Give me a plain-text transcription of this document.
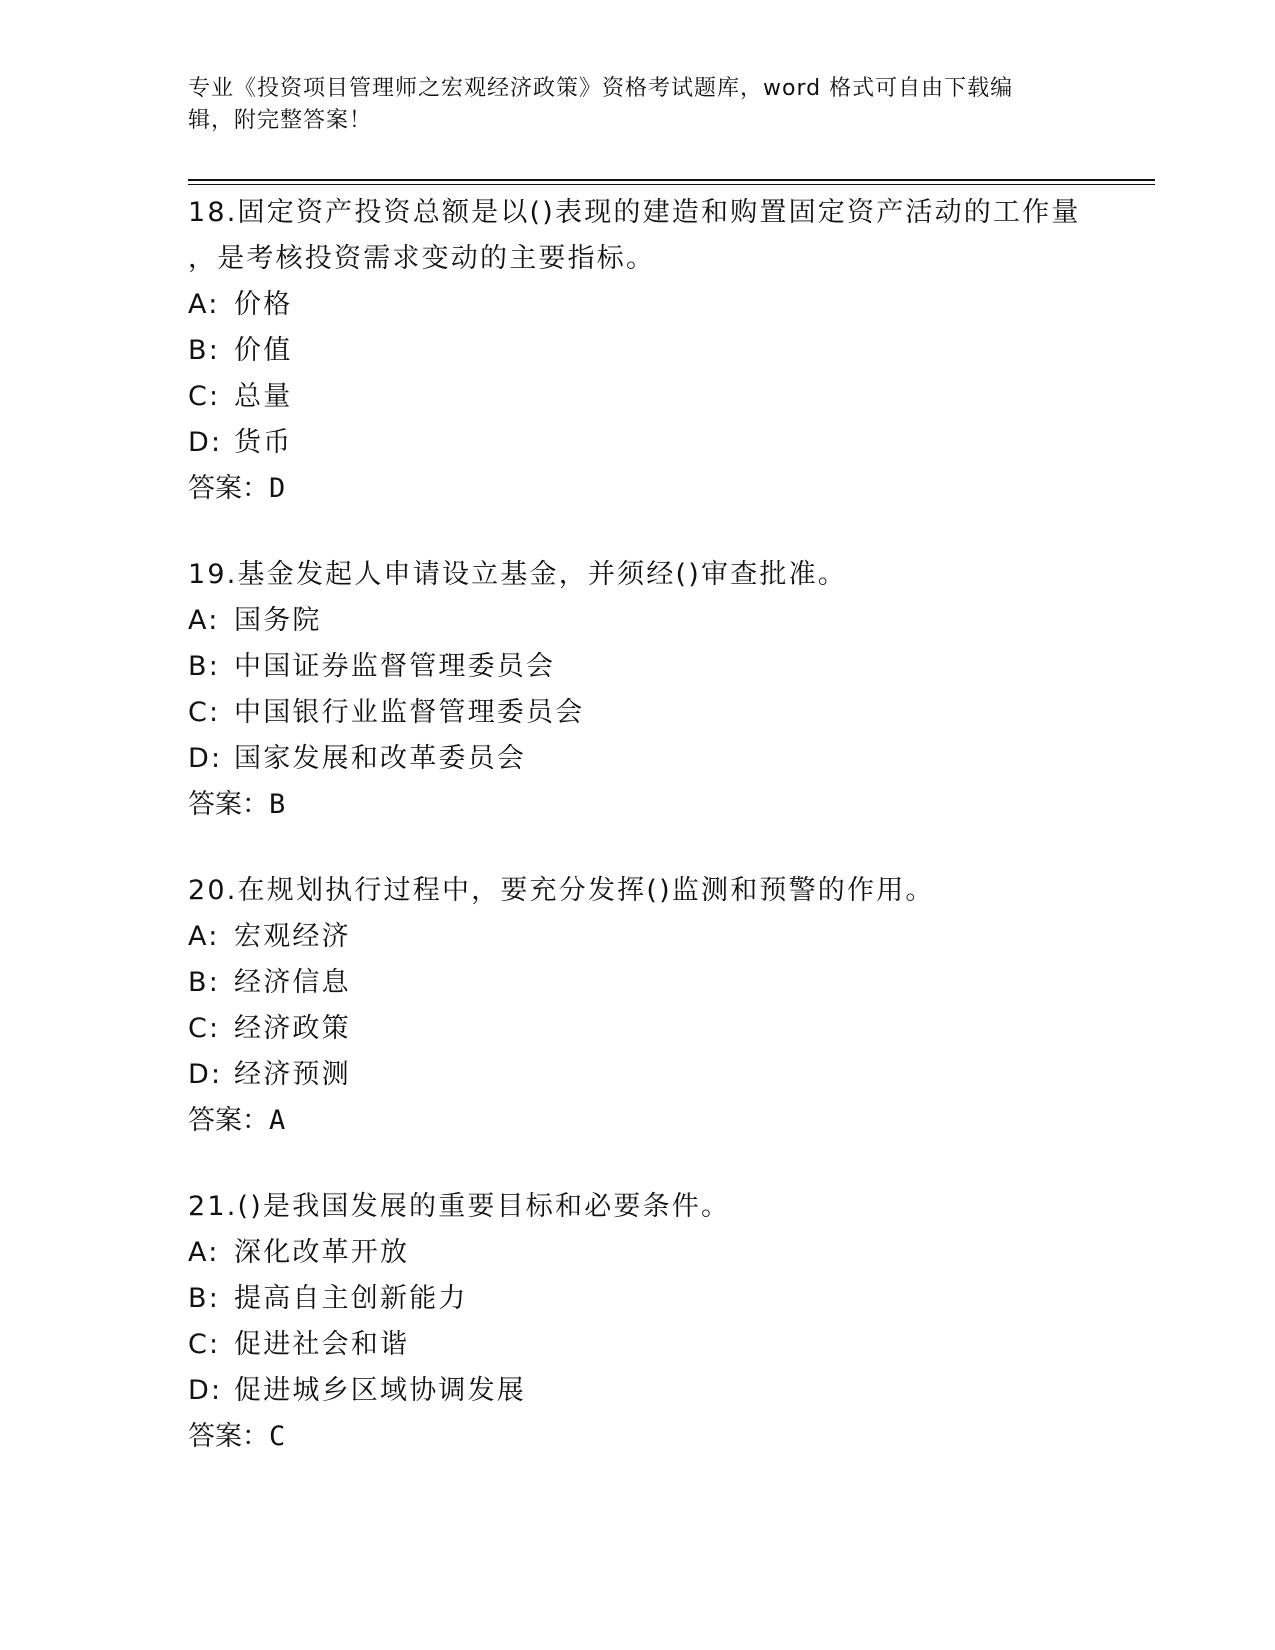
专业《投资项目管理师之宏观经济政策》资格考试题库，word 格式可自由下载编

辑，附完整答案！

18.固定资产投资总额是以()表现的建造和购置固定资产活动的工作量
，是考核投资需求变动的主要指标。

A: 价格
B: 价值
C: 总量
D: 货币

答案：D

19.基金发起人申请设立基金，并须经()审查批准。

A: 国务院
B: 中国证券监督管理委员会
C: 中国银行业监督管理委员会
D: 国家发展和改革委员会

答案：B

20.在规划执行过程中，要充分发挥()监测和预警的作用。

A: 宏观经济
B: 经济信息
C: 经济政策
D: 经济预测

答案：A

21.()是我国发展的重要目标和必要条件。

A: 深化改革开放
B: 提高自主创新能力
C: 促进社会和谐
D: 促进城乡区域协调发展

答案：C
